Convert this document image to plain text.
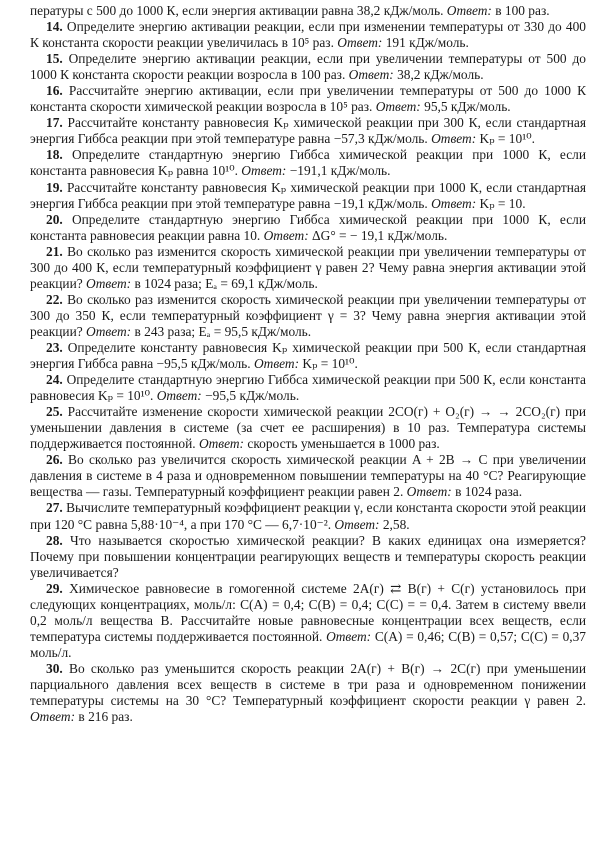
пературы с 500 до 1000 К, если энергия активации равна 38,2 кДж/моль. Ответ: в 100 раз.

14. Определите энергию активации реакции, если при изменении температуры от 330 до 400 К константа скорости реакции увеличилась в 10⁵ раз. Ответ: 191 кДж/моль.

15. Определите энергию активации реакции, если при увеличении температуры от 500 до 1000 К константа скорости реакции возросла в 100 раз. Ответ: 38,2 кДж/моль.

16. Рассчитайте энергию активации, если при увеличении температуры от 500 до 1000 К константа скорости химической реакции возросла в 10⁵ раз. Ответ: 95,5 кДж/моль.

17. Рассчитайте константу равновесия Kₚ химической реакции при 300 К, если стандартная энергия Гиббса реакции при этой температуре равна −57,3 кДж/моль. Ответ: Kₚ = 10¹⁰.

18. Определите стандартную энергию Гиббса химической реакции при 1000 К, если константа равновесия Kₚ равна 10¹⁰. Ответ: −191,1 кДж/моль.

19. Рассчитайте константу равновесия Kₚ химической реакции при 1000 К, если стандартная энергия Гиббса реакции при этой температуре равна −19,1 кДж/моль. Ответ: Kₚ = 10.

20. Определите стандартную энергию Гиббса химической реакции при 1000 К, если константа равновесия реакции равна 10. Ответ: ΔG° = − 19,1 кДж/моль.

21. Во сколько раз изменится скорость химической реакции при увеличении температуры от 300 до 400 К, если температурный коэффициент γ равен 2? Чему равна энергия активации этой реакции? Ответ: в 1024 раза; Eₐ = 69,1 кДж/моль.

22. Во сколько раз изменится скорость химической реакции при увеличении температуры от 300 до 350 К, если температурный коэффициент γ = 3? Чему равна энергия активации этой реакции? Ответ: в 243 раза; Eₐ = 95,5 кДж/моль.

23. Определите константу равновесия Kₚ химической реакции при 500 К, если стандартная энергия Гиббса равна −95,5 кДж/моль. Ответ: Kₚ = 10¹⁰.

24. Определите стандартную энергию Гиббса химической реакции при 500 К, если константа равновесия Kₚ = 10¹⁰. Ответ: −95,5 кДж/моль.

25. Рассчитайте изменение скорости химической реакции 2CO(г) + O₂(г) → → 2CO₂(г) при уменьшении давления в системе (за счет ее расширения) в 10 раз. Температура системы поддерживается постоянной. Ответ: скорость уменьшается в 1000 раз.

26. Во сколько раз увеличится скорость химической реакции A + 2B → C при увеличении давления в системе в 4 раза и одновременном повышении температуры на 40 °C? Реагирующие вещества — газы. Температурный коэффициент реакции равен 2. Ответ: в 1024 раза.

27. Вычислите температурный коэффициент реакции γ, если константа скорости этой реакции при 120 °C равна 5,88·10⁻⁴, а при 170 °C — 6,7·10⁻². Ответ: 2,58.

28. Что называется скоростью химической реакции? В каких единицах она измеряется? Почему при повышении концентрации реагирующих веществ и температуры скорость реакции увеличивается?

29. Химическое равновесие в гомогенной системе 2A(г) ⇄ B(г) + C(г) установилось при следующих концентрациях, моль/л: C(A) = 0,4; C(B) = 0,4; C(C) = = 0,4. Затем в систему ввели 0,2 моль/л вещества В. Рассчитайте новые равновесные концентрации всех веществ, если температура системы поддерживается постоянной. Ответ: C(A) = 0,46; C(B) = 0,57; C(C) = 0,37 моль/л.

30. Во сколько раз уменьшится скорость реакции 2A(г) + B(г) → 2C(г) при уменьшении парциального давления всех веществ в системе в три раза и одновременном понижении температуры системы на 30 °C? Температурный коэффициент скорости реакции γ равен 2. Ответ: в 216 раз.
